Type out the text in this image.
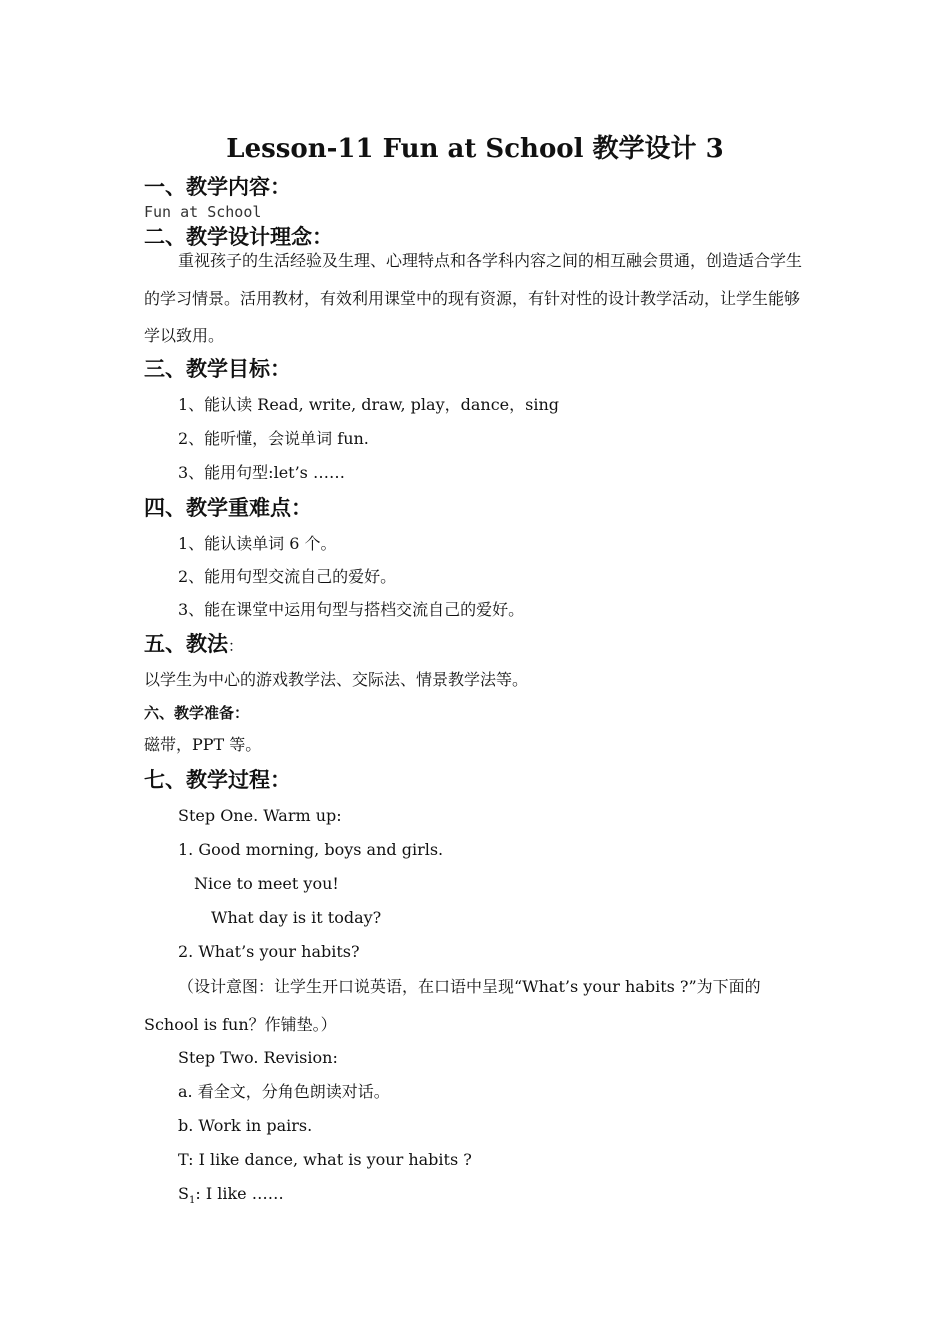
Lesson-11 Fun at School 教学设计 3
一、教学内容：
Fun at School
二、教学设计理念：
重视孩子的生活经验及生理、心理特点和各学科内容之间的相互融会贯通，创造适合学生的学习情景。活用教材，有效利用课堂中的现有资源，有针对性的设计教学活动，让学生能够学以致用。
三、教学目标：
1、能认读 Read, write, draw, play，dance，sing
2、能听懂，会说单词 fun.
3、能用句型:let’s ……
四、教学重难点：
1、能认读单词 6 个。
2、能用句型交流自己的爱好。
3、能在课堂中运用句型与搭档交流自己的爱好。
五、教法：
以学生为中心的游戏教学法、交际法、情景教学法等。
六、教学准备：
磁带，PPT 等。
七、教学过程：
Step One. Warm up:
1. Good morning, boys and girls.
Nice to meet you!
What day is it today?
2. What’s your habits?
（设计意图：让学生开口说英语，在口语中呈现“What’s your habits ?”为下面的 School is fun？作铺垫。）
Step Two. Revision:
a. 看全文，分角色朗读对话。
b. Work in pairs.
T: I like dance, what is your habits ?
$S_1$: I like ……
